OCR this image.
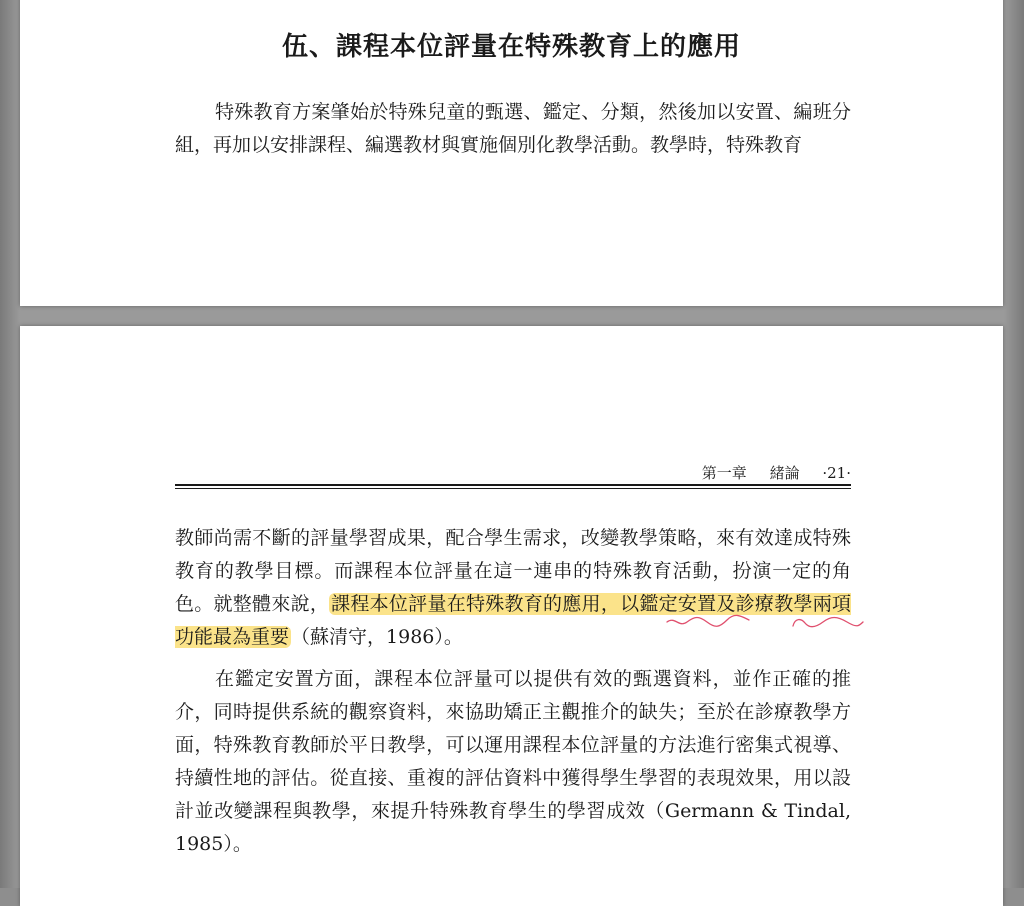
伍、課程本位評量在特殊教育上的應用

特殊教育方案肇始於特殊兒童的甄選、鑑定、分類，然後加以安置、編班分組，再加以安排課程、編選教材與實施個別化教學活動。教學時，特殊教育

第一章 緒論 ·21·

教師尚需不斷的評量學習成果，配合學生需求，改變教學策略，來有效達成特殊教育的教學目標。而課程本位評量在這一連串的特殊教育活動，扮演一定的角色。就整體來說， 課程本位評量在特殊教育的應用，以鑑定安置及診療教學兩項功能最為重要 （蘇清守，1986）。

在鑑定安置方面，課程本位評量可以提供有效的甄選資料，並作正確的推介，同時提供系統的觀察資料，來協助矯正主觀推介的缺失；至於在診療教學方面，特殊教育教師於平日教學，可以運用課程本位評量的方法進行密集式視導、持續性地的評估。從直接、重複的評估資料中獲得學生學習的表現效果，用以設計並改變課程與教學，來提升特殊教育學生的學習成效（Germann & Tindal, 1985）。
